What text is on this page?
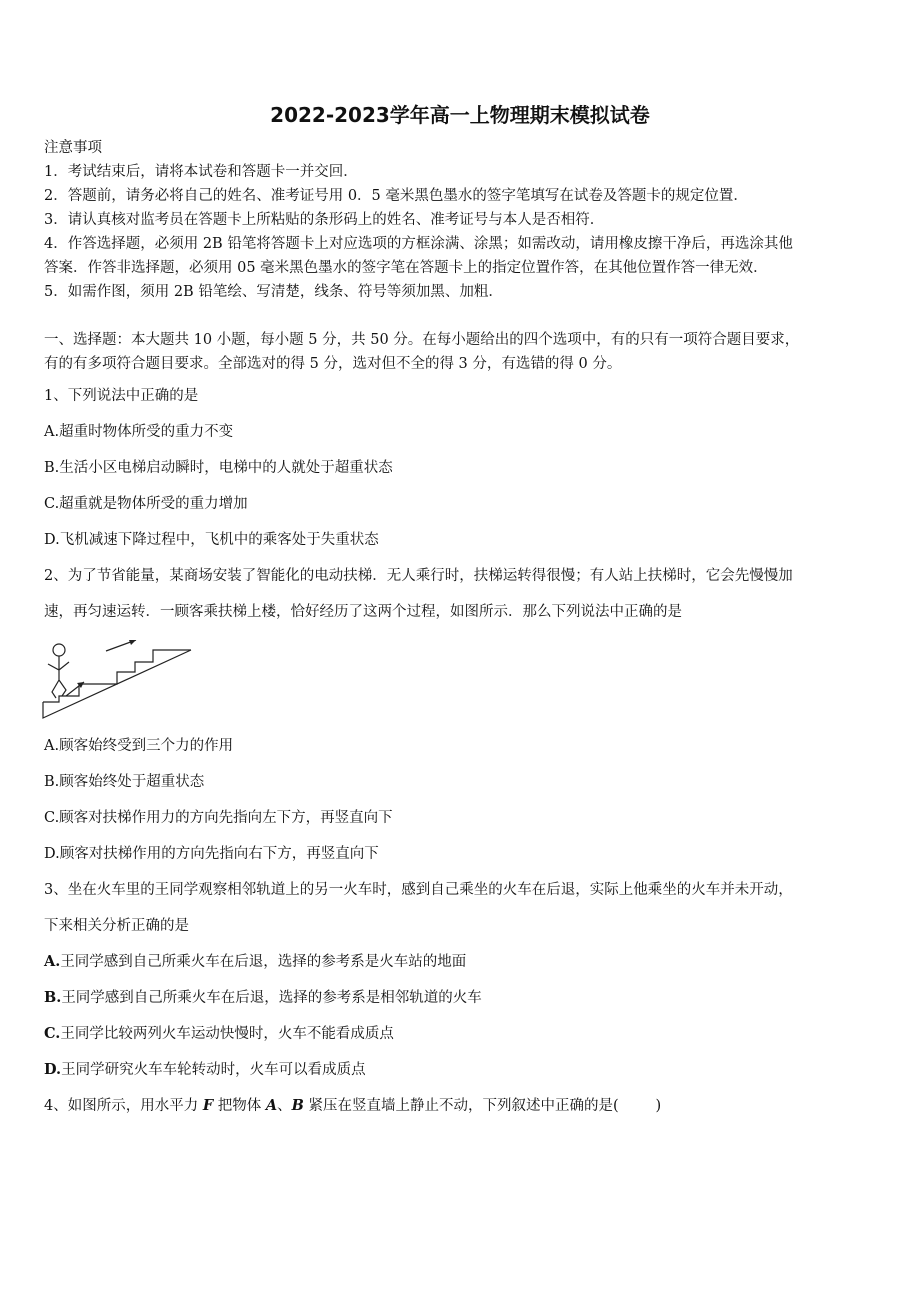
2022-2023学年高一上物理期末模拟试卷
注意事项
1．考试结束后，请将本试卷和答题卡一并交回．
2．答题前，请务必将自己的姓名、准考证号用 0．5 毫米黑色墨水的签字笔填写在试卷及答题卡的规定位置．
3．请认真核对监考员在答题卡上所粘贴的条形码上的姓名、准考证号与本人是否相符．
4．作答选择题，必须用 2B 铅笔将答题卡上对应选项的方框涂满、涂黑；如需改动，请用橡皮擦干净后，再选涂其他
答案．作答非选择题，必须用 05 毫米黑色墨水的签字笔在答题卡上的指定位置作答，在其他位置作答一律无效．
5．如需作图，须用 2B 铅笔绘、写清楚，线条、符号等须加黑、加粗．
一、选择题：本大题共 10 小题，每小题 5 分，共 50 分。在每小题给出的四个选项中，有的只有一项符合题目要求，
有的有多项符合题目要求。全部选对的得 5 分，选对但不全的得 3 分，有选错的得 0 分。
1、下列说法中正确的是
A.超重时物体所受的重力不变
B.生活小区电梯启动瞬时，电梯中的人就处于超重状态
C.超重就是物体所受的重力增加
D.飞机减速下降过程中，飞机中的乘客处于失重状态
2、为了节省能量，某商场安装了智能化的电动扶梯．无人乘行时，扶梯运转得很慢；有人站上扶梯时，它会先慢慢加
速，再匀速运转．一顾客乘扶梯上楼，恰好经历了这两个过程，如图所示．那么下列说法中正确的是
A.顾客始终受到三个力的作用
B.顾客始终处于超重状态
C.顾客对扶梯作用力的方向先指向左下方，再竖直向下
D.顾客对扶梯作用的方向先指向右下方，再竖直向下
3、坐在火车里的王同学观察相邻轨道上的另一火车时，感到自己乘坐的火车在后退，实际上他乘坐的火车并未开动，
下来相关分析正确的是
A.王同学感到自己所乘火车在后退，选择的参考系是火车站的地面
B.王同学感到自己所乘火车在后退，选择的参考系是相邻轨道的火车
C.王同学比较两列火车运动快慢时，火车不能看成质点
D.王同学研究火车车轮转动时，火车可以看成质点
4、如图所示，用水平力 F 把物体 A、B 紧压在竖直墙上静止不动，下列叙述中正确的是(        )
